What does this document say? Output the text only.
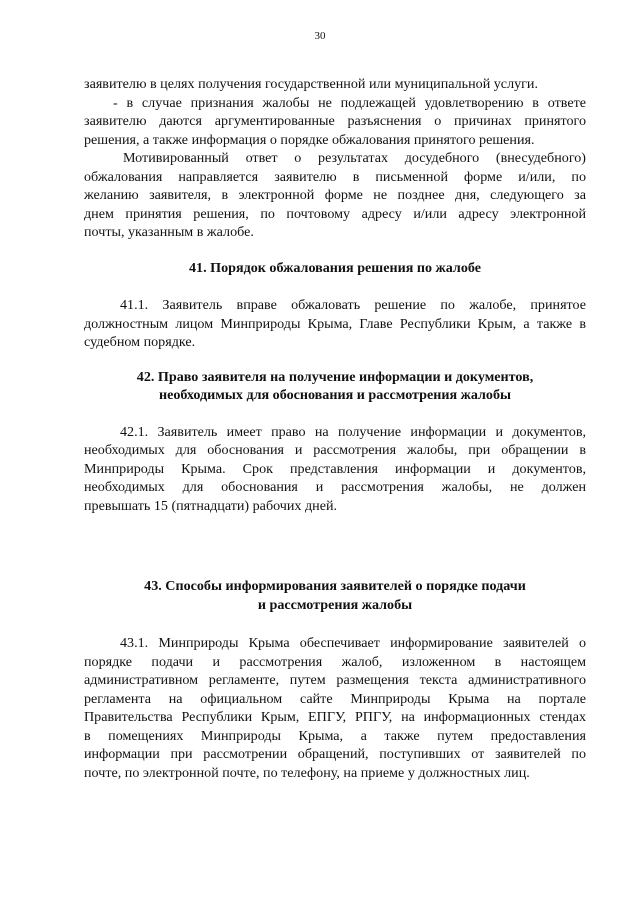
30
заявителю в целях получения государственной или муниципальной услуги.
- в случае признания жалобы не подлежащей удовлетворению в ответе
заявителю даются аргументированные разъяснения о причинах принятого
решения, а также информация о порядке обжалования принятого решения.
Мотивированный ответ о результатах досудебного (внесудебного)
обжалования направляется заявителю в письменной форме и/или, по
желанию заявителя, в электронной форме не позднее дня, следующего за
днем принятия решения, по почтовому адресу и/или адресу электронной
почты, указанным в жалобе.
41. Порядок обжалования решения по жалобе
41.1. Заявитель вправе обжаловать решение по жалобе, принятое
должностным лицом Минприроды Крыма, Главе Республики Крым, а также в
судебном порядке.
42. Право заявителя на получение информации и документов,
необходимых для обоснования и рассмотрения жалобы
42.1. Заявитель имеет право на получение информации и документов,
необходимых для обоснования и рассмотрения жалобы, при обращении в
Минприроды Крыма. Срок представления информации и документов,
необходимых для обоснования и рассмотрения жалобы, не должен
превышать 15 (пятнадцати) рабочих дней.
43. Способы информирования заявителей о порядке подачи
и рассмотрения жалобы
43.1. Минприроды Крыма обеспечивает информирование заявителей о
порядке подачи и рассмотрения жалоб, изложенном в настоящем
административном регламенте, путем размещения текста административного
регламента на официальном сайте Минприроды Крыма на портале
Правительства Республики Крым, ЕПГУ, РПГУ, на информационных стендах
в помещениях Минприроды Крыма, а также путем предоставления
информации при рассмотрении обращений, поступивших от заявителей по
почте, по электронной почте, по телефону, на приеме у должностных лиц.
